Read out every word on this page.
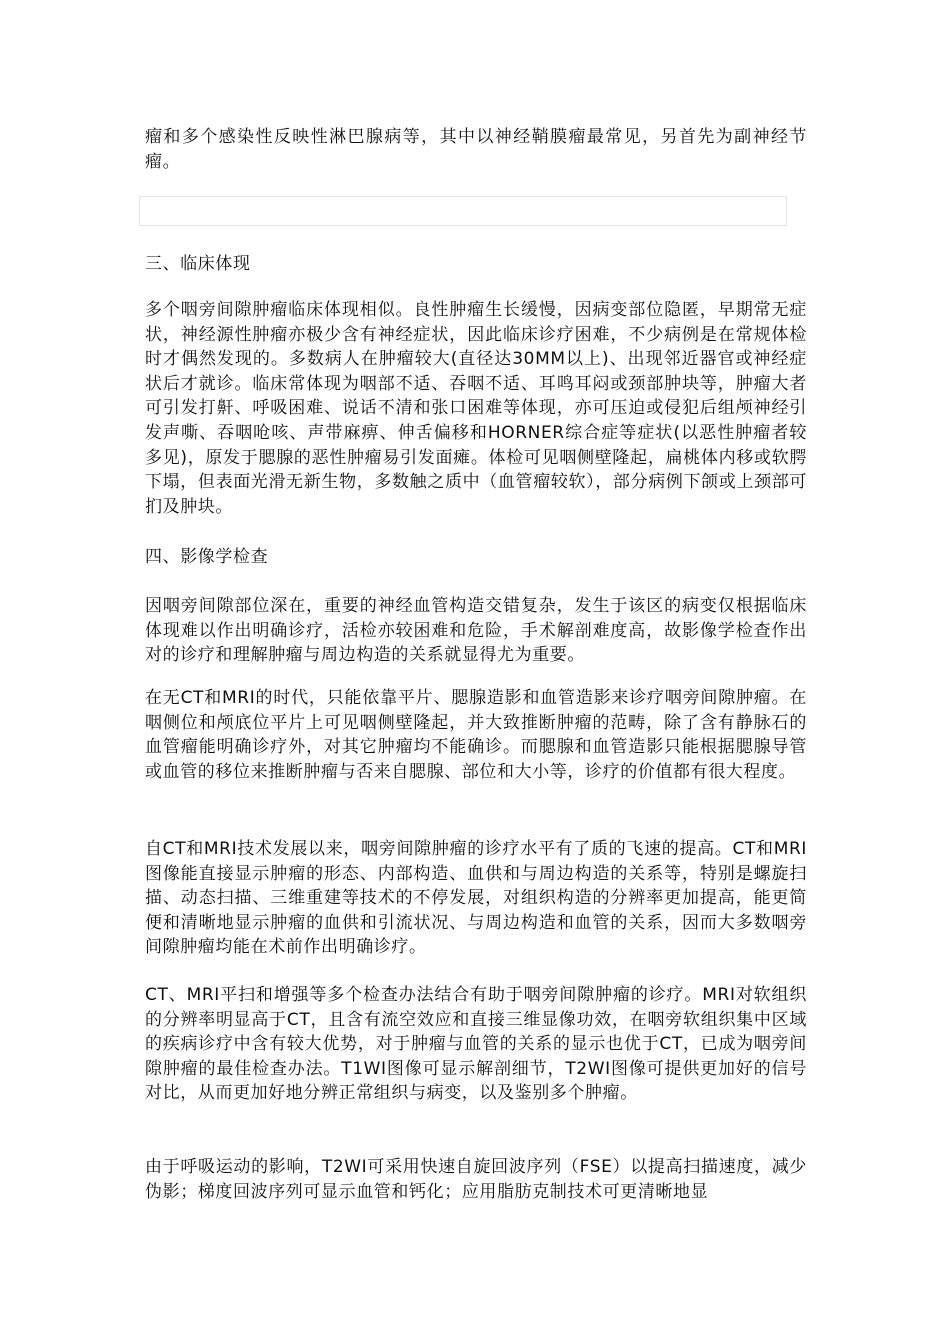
瘤和多个感染性反映性淋巴腺病等，其中以神经鞘膜瘤最常见，另首先为副神经节瘤。

三、临床体现

多个咽旁间隙肿瘤临床体现相似。良性肿瘤生长缓慢，因病变部位隐匿，早期常无症状，神经源性肿瘤亦极少含有神经症状，因此临床诊疗困难，不少病例是在常规体检时才偶然发现的。多数病人在肿瘤较大(直径达30MM以上)、出现邻近器官或神经症状后才就诊。临床常体现为咽部不适、吞咽不适、耳鸣耳闷或颈部肿块等，肿瘤大者可引发打鼾、呼吸困难、说话不清和张口困难等体现，亦可压迫或侵犯后组颅神经引发声嘶、吞咽呛咳、声带麻痹、伸舌偏移和HORNER综合症等症状(以恶性肿瘤者较多见)，原发于腮腺的恶性肿瘤易引发面瘫。体检可见咽侧壁隆起，扁桃体内移或软腭下塌，但表面光滑无新生物，多数触之质中（血管瘤较软），部分病例下颌或上颈部可扪及肿块。

四、影像学检查

因咽旁间隙部位深在，重要的神经血管构造交错复杂，发生于该区的病变仅根据临床体现难以作出明确诊疗，活检亦较困难和危险，手术解剖难度高，故影像学检查作出对的诊疗和理解肿瘤与周边构造的关系就显得尤为重要。

在无CT和MRI的时代，只能依靠平片、腮腺造影和血管造影来诊疗咽旁间隙肿瘤。在咽侧位和颅底位平片上可见咽侧壁隆起，并大致推断肿瘤的范畴，除了含有静脉石的血管瘤能明确诊疗外，对其它肿瘤均不能确诊。而腮腺和血管造影只能根据腮腺导管或血管的移位来推断肿瘤与否来自腮腺、部位和大小等，诊疗的价值都有很大程度。

自CT和MRI技术发展以来，咽旁间隙肿瘤的诊疗水平有了质的飞速的提高。CT和MRI图像能直接显示肿瘤的形态、内部构造、血供和与周边构造的关系等，特别是螺旋扫描、动态扫描、三维重建等技术的不停发展，对组织构造的分辨率更加提高，能更简便和清晰地显示肿瘤的血供和引流状况、与周边构造和血管的关系，因而大多数咽旁间隙肿瘤均能在术前作出明确诊疗。

CT、MRI平扫和增强等多个检查办法结合有助于咽旁间隙肿瘤的诊疗。MRI对软组织的分辨率明显高于CT，且含有流空效应和直接三维显像功效，在咽旁软组织集中区域的疾病诊疗中含有较大优势，对于肿瘤与血管的关系的显示也优于CT，已成为咽旁间隙肿瘤的最佳检查办法。T1WI图像可显示解剖细节，T2WI图像可提供更加好的信号对比，从而更加好地分辨正常组织与病变，以及鉴别多个肿瘤。

由于呼吸运动的影响，T2WI可采用快速自旋回波序列（FSE）以提高扫描速度，减少伪影；梯度回波序列可显示血管和钙化；应用脂肪克制技术可更清晰地显
